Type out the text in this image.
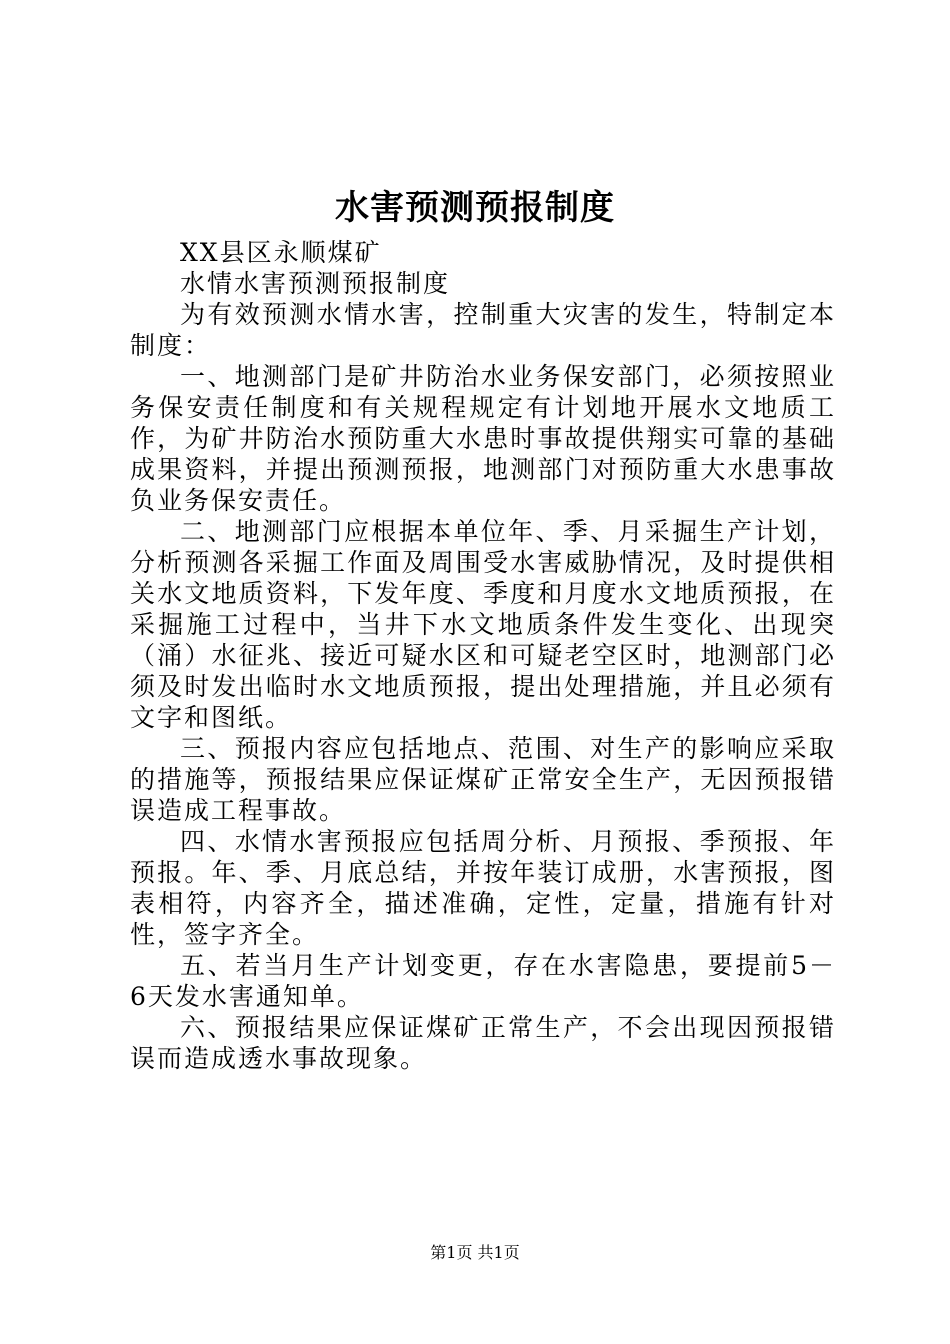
水害预测预报制度

XX县区永顺煤矿

水情水害预测预报制度

为有效预测水情水害，控制重大灾害的发生，特制定本制度：

一、地测部门是矿井防治水业务保安部门，必须按照业务保安责任制度和有关规程规定有计划地开展水文地质工作，为矿井防治水预防重大水患时事故提供翔实可靠的基础成果资料，并提出预测预报，地测部门对预防重大水患事故负业务保安责任。

二、地测部门应根据本单位年、季、月采掘生产计划，分析预测各采掘工作面及周围受水害威胁情况，及时提供相关水文地质资料，下发年度、季度和月度水文地质预报，在采掘施工过程中，当井下水文地质条件发生变化、出现突（涌）水征兆、接近可疑水区和可疑老空区时，地测部门必须及时发出临时水文地质预报，提出处理措施，并且必须有文字和图纸。

三、预报内容应包括地点、范围、对生产的影响应采取的措施等，预报结果应保证煤矿正常安全生产，无因预报错误造成工程事故。

四、水情水害预报应包括周分析、月预报、季预报、年预报。年、季、月底总结，并按年装订成册，水害预报，图表相符，内容齐全，描述准确，定性，定量，措施有针对性，签字齐全。

五、若当月生产计划变更，存在水害隐患，要提前5－6天发水害通知单。

六、预报结果应保证煤矿正常生产，不会出现因预报错误而造成透水事故现象。

第1页 共1页
